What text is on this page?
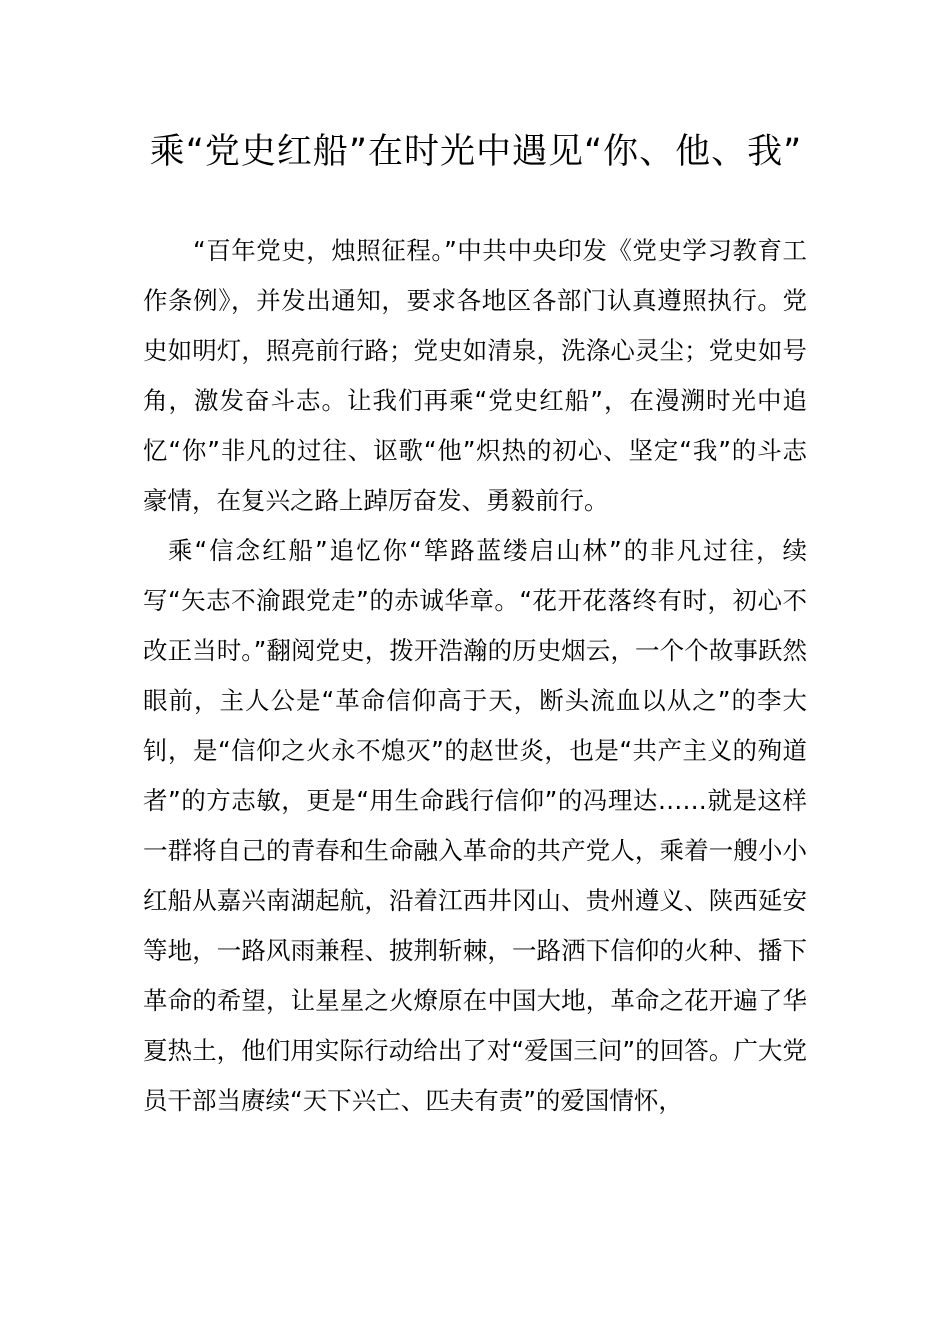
乘“党史红船”在时光中遇见“你、他、我”

“百年党史，烛照征程。”中共中央印发《党史学习教育工作条例》，并发出通知，要求各地区各部门认真遵照执行。党史如明灯，照亮前行路；党史如清泉，洗涤心灵尘；党史如号角，激发奋斗志。让我们再乘“党史红船”，在漫溯时光中追忆“你”非凡的过往、讴歌“他”炽热的初心、坚定“我”的斗志豪情，在复兴之路上踔厉奋发、勇毅前行。

乘“信念红船”追忆你“筚路蓝缕启山林”的非凡过往，续写“矢志不渝跟党走”的赤诚华章。“花开花落终有时，初心不改正当时。”翻阅党史，拨开浩瀚的历史烟云，一个个故事跃然眼前，主人公是“革命信仰高于天，断头流血以从之”的李大钊，是“信仰之火永不熄灭”的赵世炎，也是“共产主义的殉道者”的方志敏，更是“用生命践行信仰”的冯理达……就是这样一群将自己的青春和生命融入革命的共产党人，乘着一艘小小红船从嘉兴南湖起航，沿着江西井冈山、贵州遵义、陕西延安等地，一路风雨兼程、披荆斩棘，一路洒下信仰的火种、播下革命的希望，让星星之火燎原在中国大地，革命之花开遍了华夏热土，他们用实际行动给出了对“爱国三问”的回答。广大党员干部当赓续“天下兴亡、匹夫有责”的爱国情怀，
